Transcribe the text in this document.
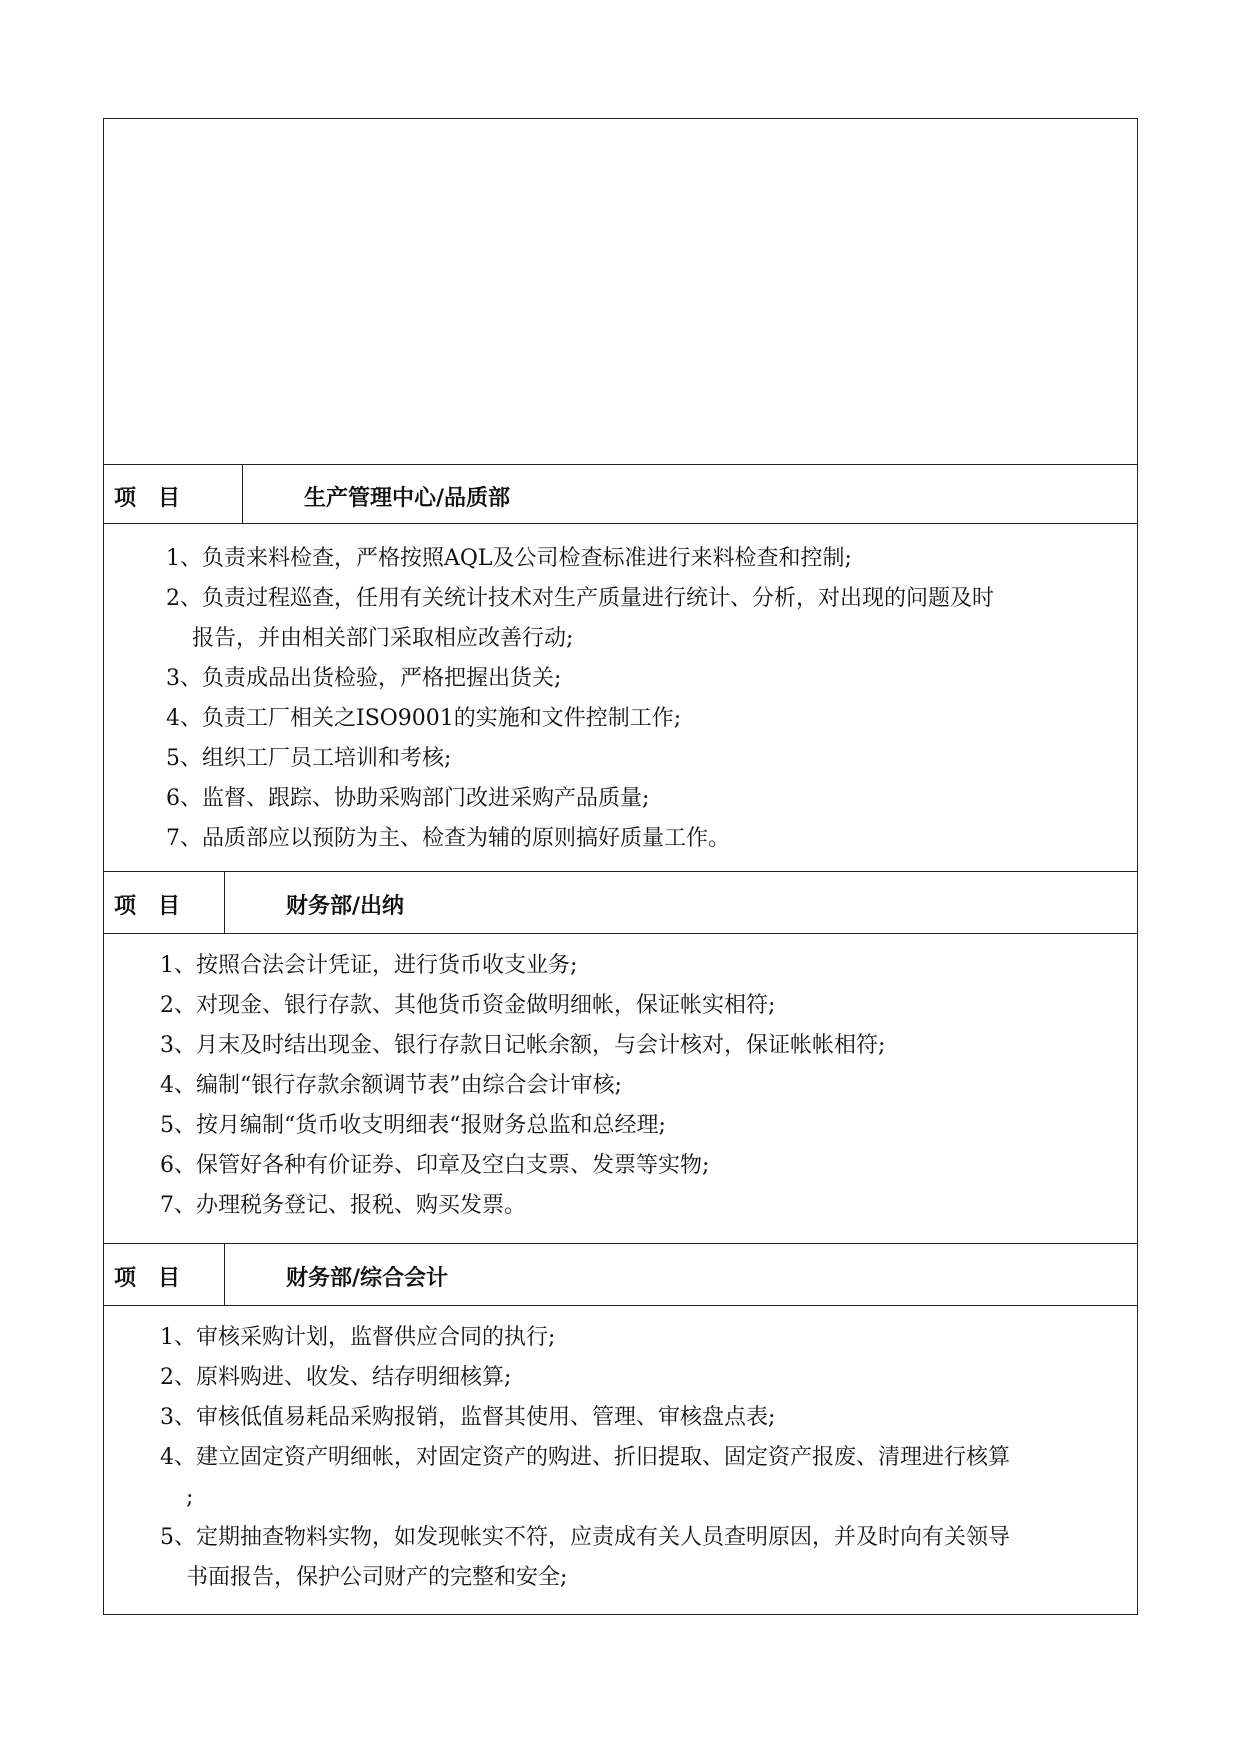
项目	生产管理中心/品质部
1、负责来料检查，严格按照AQL及公司检查标准进行来料检查和控制;
2、负责过程巡查，任用有关统计技术对生产质量进行统计、分析，对出现的问题及时
报告，并由相关部门采取相应改善行动;
3、负责成品出货检验，严格把握出货关;
4、负责工厂相关之ISO9001的实施和文件控制工作;
5、组织工厂员工培训和考核;
6、监督、跟踪、协助采购部门改进采购产品质量;
7、品质部应以预防为主、检查为辅的原则搞好质量工作。
项目	财务部/出纳
1、按照合法会计凭证，进行货币收支业务;
2、对现金、银行存款、其他货币资金做明细帐，保证帐实相符;
3、月末及时结出现金、银行存款日记帐余额，与会计核对，保证帐帐相符;
4、编制“银行存款余额调节表”由综合会计审核;
5、按月编制“货币收支明细表“报财务总监和总经理;
6、保管好各种有价证券、印章及空白支票、发票等实物;
7、办理税务登记、报税、购买发票。
项目	财务部/综合会计
1、审核采购计划，监督供应合同的执行;
2、原料购进、收发、结存明细核算;
3、审核低值易耗品采购报销，监督其使用、管理、审核盘点表;
4、建立固定资产明细帐，对固定资产的购进、折旧提取、固定资产报废、清理进行核算
;
5、定期抽查物料实物，如发现帐实不符，应责成有关人员查明原因，并及时向有关领导
书面报告，保护公司财产的完整和安全;
